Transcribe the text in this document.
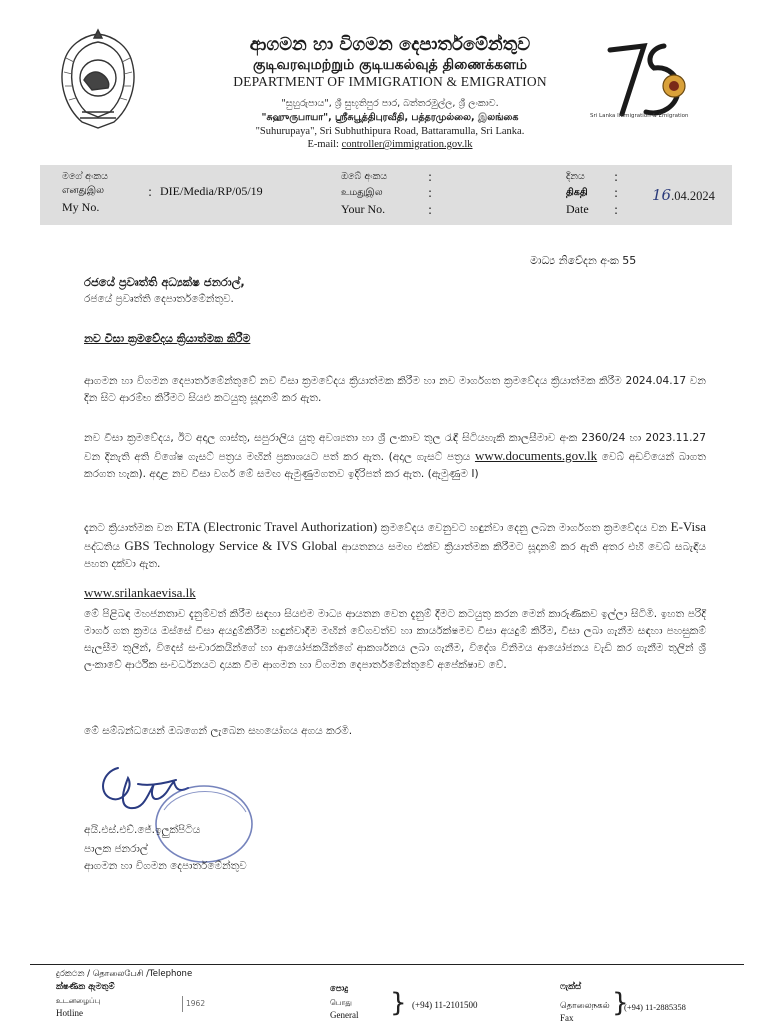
ආගමන හා විගමන දෙපාර්තමේන්තුව
குடிவரவுமற்றும் குடியகல்வுத் திணைக்களம்
DEPARTMENT OF IMMIGRATION & EMIGRATION
"සුහුරුපාය", ශ්‍රී සුභූතිපුර පාර, බත්තරමුල්ල, ශ්‍රී ලංකාව.
"சுஹுருபாயா", ஸ்ரீசுபூத்திபுரவீதி, பத்தரமுல்லை, இலங்கை
"Suhurupaya", Sri Subhuthipura Road, Battaramulla, Sri Lanka.
E-mail: controller@immigration.gov.lk
Sri Lanka Immigration & Emigration
මගේ අංකය
எனதுஇல
My No.
: DIE/Media/RP/05/19
ඔබේ අංකය
உமதுஇல
Your No.
:
:
:
දිනය
திகதி
Date
:
:
:
16.04.2024
මාධ්‍ය නිවේදන අංක 55
රජයේ ප්‍රවෘත්ති අධ්‍යක්ෂ ජනරාල්,
රජයේ ප්‍රවෘත්ති දෙපාර්තමේන්තුව.
නව වීසා ක්‍රමවේදය ක්‍රියාත්මක කිරීම
ආගමන හා විගමන දෙපාර්තමේන්තුවේ නව වීසා ක්‍රමවේදය ක්‍රියාත්මක කිරීම හා නව මාර්ගගත ක්‍රමවේදය ක්‍රියාත්මක කිරීම 2024.04.17 වන දින සිට ආරම්භ කිරීමට සියළු කටයුතු සූදානම් කර ඇත.
නව වීසා ක්‍රමවේදය, ඊට අදාල ගාස්තු, සපුරාලිය යුතු අවශ්‍යතා හා ශ්‍රී ලංකාව තුල රැඳී සිටියහැකි කාලසීමාව අංක 2360/24 හා 2023.11.27 වන දිනැති අති විශේෂ ගැසට් පත්‍රය මඟින් ප්‍රකාශයට පත් කර ඇත. (අදාල ගැසට් පත්‍රය www.documents.gov.lk වෙබ් අඩවියෙන් බාගත කරගත හැක). අදාළ නව වීසා වර්ග මේ සමඟ ඇමුණුමගතව ඉදිරිපත් කර ඇත. (ඇමුණුම I)
දැනට ක්‍රියාත්මක වන ETA (Electronic Travel Authorization) ක්‍රමවේදය වෙනුවට හඳුන්වා දෙනු ලබන මාර්ගගත ක්‍රමවේදය වන E-Visa පද්ධතිය GBS Technology Service & IVS Global ආයතනය සමඟ එක්ව ක්‍රියාත්මක කිරීමට සූදානම් කර ඇති අතර එහි වෙබ් සබැඳිය පහත දක්වා ඇත.
www.srilankaevisa.lk
මේ පිළිබඳ මහජනතාව දැනුම්වත් කිරීම සඳහා සියළුම මාධ්‍ය ආයතන වෙත දැනුම් දීමට කටයුතු කරන මෙන් කාරුණිකව ඉල්ලා සිටිමි. ඉහත පරිදි මාර්ග ගත ක්‍රමය ඔස්සේ වීසා අයදුම්කිරීම හඳුන්වාදීම මඟින් වේගවත්ව හා කාර්යක්ෂමව වීසා අයදුම් කිරීම, වීසා ලබා ගැනීම සඳහා පහසුකම් සැලසීම තුලින්, විදෙස් සංචාරකයින්ගේ හා ආයෝජකයින්ගේ ආකර්ශනය ලබා ගැනීම, විදේශ විනිමය ආයෝජනය වැඩි කර ගැනීම තුලින් ශ්‍රී ලංකාවේ ආර්ථික සංවර්ධනයට දායක වීම ආගමන හා විගමන දෙපාර්තමේන්තුවේ අපේක්ෂාව වේ.
මේ සම්බන්ධයෙන් ඔබගෙන් ලැබෙන සහයෝගය අගය කරමි.
අයි.එස්.එච්.ජේ.ඉලුක්පිටිය
පාලක ජනරාල්
ආගමන හා විගමන දෙපාර්තමේන්තුව
දුරකථන / தொலைபேசி /Telephone
ක්ෂණික ඇමතුම්
உடனழைப்பு
Hotline
1962
පොදු
பொது
General } (+94) 11-2101500
ෆැක්ස්
தொலைநகல்
Fax }
(+94) 11-2885358
